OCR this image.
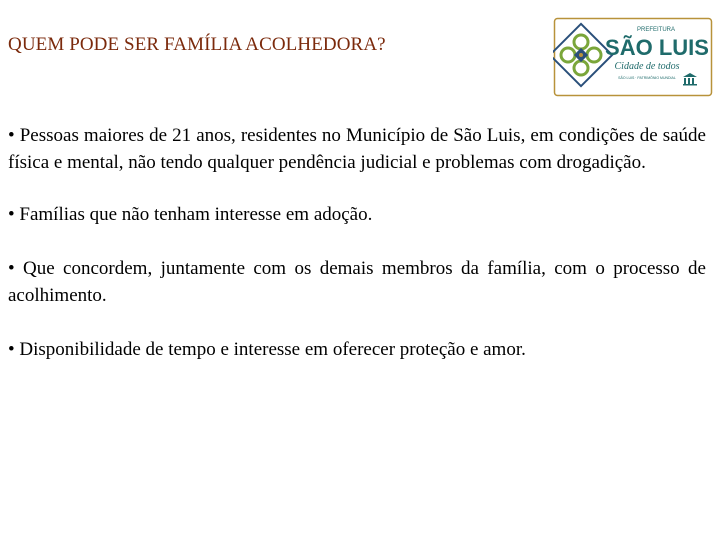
QUEM PODE SER FAMÍLIA ACOLHEDORA?
PREFEITURA
SÃO LUIS
Cidade de todos
SÃO LUIS · PATRIMÔNIO MUNDIAL

• Pessoas maiores de 21 anos, residentes no Município de São Luis, em condições de saúde física e mental, não tendo qualquer pendência judicial e problemas com drogadição.

• Famílias que não tenham interesse em adoção.

• Que concordem, juntamente com os demais membros da família, com o processo de acolhimento.

• Disponibilidade de tempo e interesse em oferecer proteção e amor.
